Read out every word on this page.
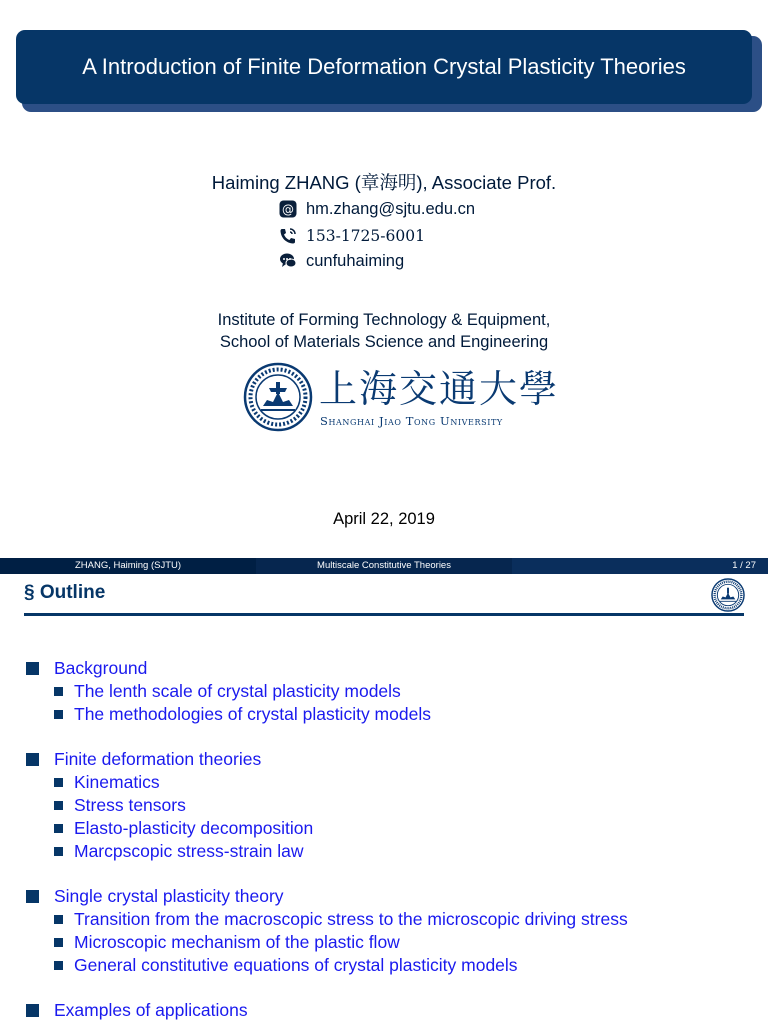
A Introduction of Finite Deformation Crystal Plasticity Theories
Haiming ZHANG (章海明), Associate Prof.
@ hm.zhang@sjtu.edu.cn
153-1725-6001
cunfuhaiming
Institute of Forming Technology & Equipment,
School of Materials Science and Engineering
上海交通大學
Shanghai Jiao Tong University
April 22, 2019
ZHANG, Haiming (SJTU)	Multiscale Constitutive Theories	1 / 27
§ Outline
Background
The lenth scale of crystal plasticity models
The methodologies of crystal plasticity models
Finite deformation theories
Kinematics
Stress tensors
Elasto-plasticity decomposition
Marcpscopic stress-strain law
Single crystal plasticity theory
Transition from the macroscopic stress to the microscopic driving stress
Microscopic mechanism of the plastic flow
General constitutive equations of crystal plasticity models
Examples of applications
